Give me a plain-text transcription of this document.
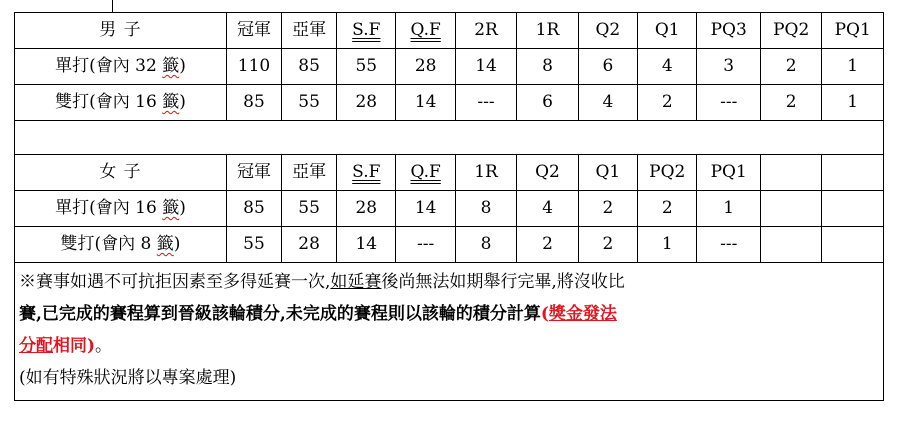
男 子	冠軍	亞軍	S.F	Q.F	2R	1R	Q2	Q1	PQ3	PQ2	PQ1
單打(會內 32 籤)	110	85	55	28	14	8	6	4	3	2	1
雙打(會內 16 籤)	85	55	28	14	---	6	4	2	---	2	1

女 子	冠軍	亞軍	S.F	Q.F	1R	Q2	Q1	PQ2	PQ1		
單打(會內 16 籤)	85	55	28	14	8	4	2	2	1		
雙打(會內 8 籤)	55	28	14	---	8	2	2	1	---		

※賽事如遇不可抗拒因素至多得延賽一次,如延賽後尚無法如期舉行完畢,將沒收比
賽,已完成的賽程算到晉級該輪積分,未完成的賽程則以該輪的積分計算(獎金發法
分配相同)。
(如有特殊狀況將以專案處理)											
